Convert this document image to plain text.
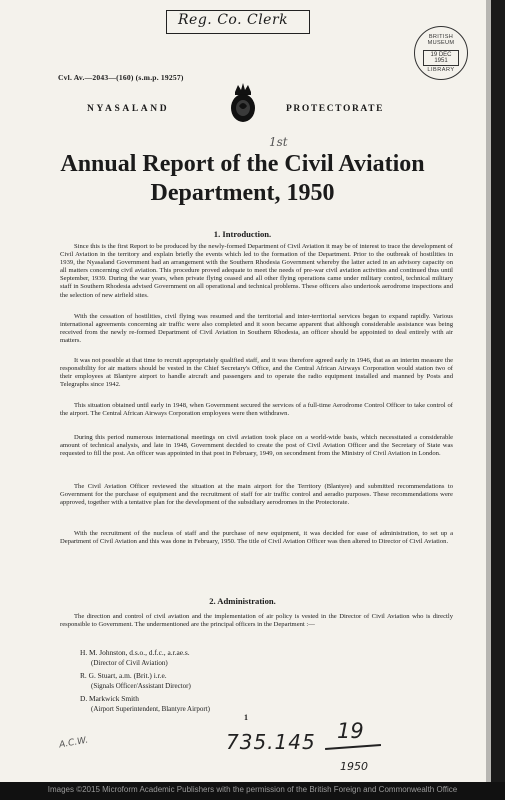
Reg. Co. Clerk
BRITISH MUSEUM
19 DEC 1951
LIBRARY
Cvl. Av.—2043—(160) (s.m.p. 19257)
NYASALAND	PROTECTORATE
1st
Annual Report of the Civil Aviation
Department, 1950
1. Introduction.
Since this is the first Report to be produced by the newly-formed Department of Civil Aviation it may be of interest to trace the development of Civil Aviation in the territory and explain briefly the events which led to the formation of the Department. Prior to the outbreak of hostilities in 1939, the Nyasaland Government had an arrangement with the Southern Rhodesia Government whereby the latter acted in an advisory capacity on all matters concerning civil aviation. This procedure proved adequate to meet the needs of pre-war civil aviation activities and continued thus until September, 1939. During the war years, when private flying ceased and all other flying operations came under military control, technical military staff in Southern Rhodesia advised Government on all operational and technical problems. These officers also undertook aerodrome inspections and the selection of new airfield sites.
With the cessation of hostilities, civil flying was resumed and the territorial and inter-territorial services began to expand rapidly. Various international agreements concerning air traffic were also completed and it soon became apparent that although considerable assistance was being received from the newly re-formed Department of Civil Aviation in Southern Rhodesia, an officer should be appointed to deal entirely with air matters.
It was not possible at that time to recruit appropriately qualified staff, and it was therefore agreed early in 1946, that as an interim measure the responsibility for air matters should be vested in the Chief Secretary's Office, and the Central African Airways Corporation would station two of their employees at Blantyre airport to handle aircraft and passengers and to operate the radio equipment installed and manned by Posts and Telegraphs since 1942.
This situation obtained until early in 1948, when Government secured the services of a full-time Aerodrome Control Officer to take control of the airport. The Central African Airways Corporation employees were then withdrawn.
During this period numerous international meetings on civil aviation took place on a world-wide basis, which necessitated a considerable amount of technical analysis, and late in 1948, Government decided to create the post of Civil Aviation Officer and the Secretary of State was requested to fill the post. An officer was appointed in that post in February, 1949, on secondment from the Ministry of Civil Aviation in London.
The Civil Aviation Officer reviewed the situation at the main airport for the Territory (Blantyre) and submitted recommendations to Government for the purchase of equipment and the recruitment of staff for air traffic control and aeradio purposes. These recommendations were approved, together with a tentative plan for the development of the subsidiary aerodromes in the Protectorate.
With the recruitment of the nucleus of staff and the purchase of new equipment, it was decided for ease of administration, to set up a Department of Civil Aviation and this was done in February, 1950. The title of Civil Aviation Officer was then altered to Director of Civil Aviation.
2. Administration.
The direction and control of civil aviation and the implementation of air policy is vested in the Director of Civil Aviation who is directly responsible to Government. The undermentioned are the principal officers in the Department :—
H. M. Johnston, d.s.o., d.f.c., a.r.ae.s.
(Director of Civil Aviation)
R. G. Stuart, a.m. (Brit.) i.r.e.
(Signals Officer/Assistant Director)
D. Markwick Smith
(Airport Superintendent, Blantyre Airport)
1
A.C.W.	735.145 19
1950
Images ©2015 Microform Academic Publishers with the permission of the British Foreign and Commonwealth Office
